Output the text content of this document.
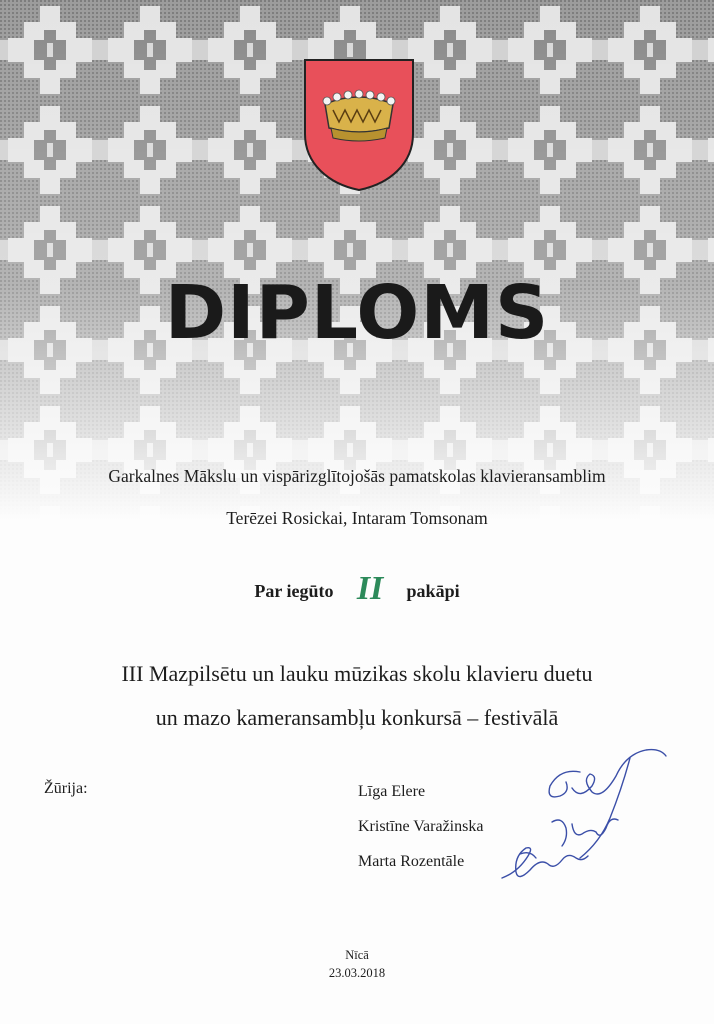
DIPLOMS
Garkalnes Mākslu un vispārizglītojošās pamatskolas klavieransamblim
Terēzei Rosickai, Intaram Tomsonam
Par iegūto II pakāpi
III Mazpilsētu un lauku mūzikas skolu klavieru duetu
un mazo kameransambļu konkursā – festivālā
Žūrija:	Līga Elere
Kristīne Varažinska
Marta Rozentāle
Nīcā
23.03.2018
